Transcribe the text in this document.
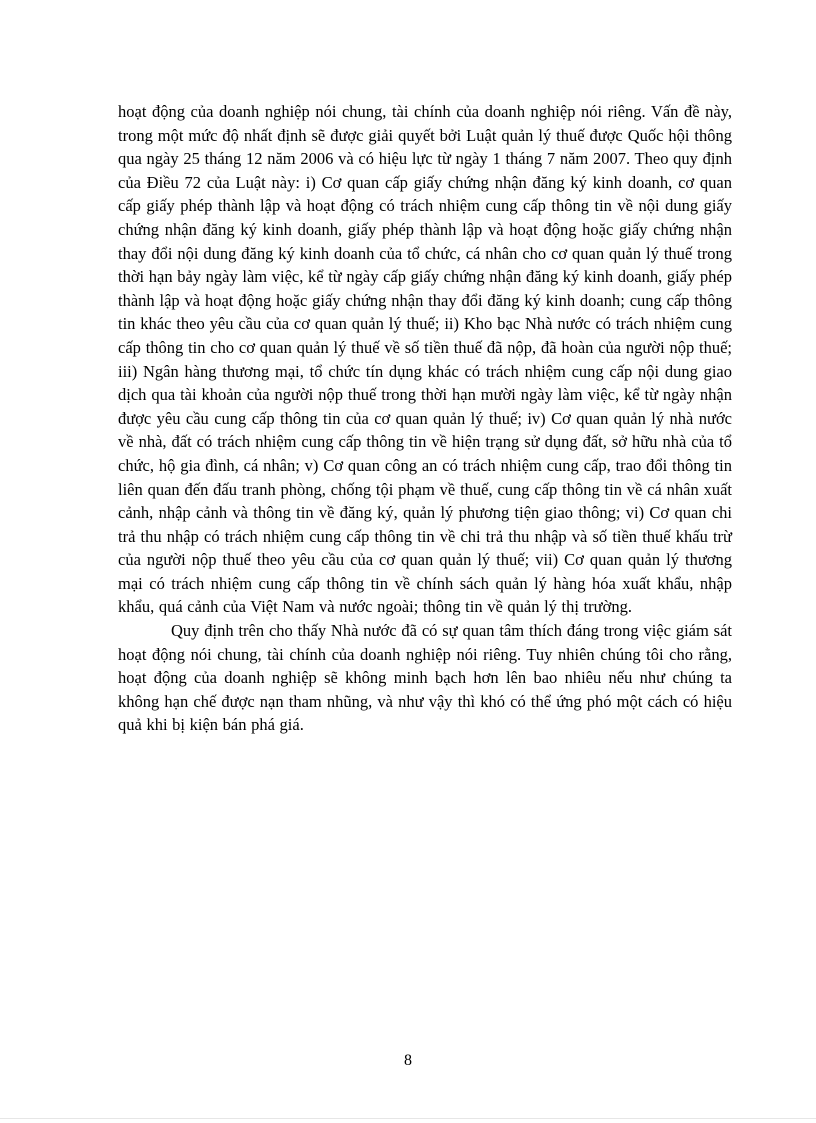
hoạt động của doanh nghiệp nói chung, tài chính của doanh nghiệp nói riêng. Vấn đề này, trong một mức độ nhất định sẽ được giải quyết bởi Luật quản lý thuế được Quốc hội thông qua ngày 25 tháng 12 năm 2006 và có hiệu lực từ ngày 1 tháng 7 năm 2007. Theo quy định của Điều 72 của Luật này: i) Cơ quan cấp giấy chứng nhận đăng ký kinh doanh, cơ quan cấp giấy phép thành lập và hoạt động có trách nhiệm cung cấp thông tin về nội dung giấy chứng nhận đăng ký kinh doanh, giấy phép thành lập và hoạt động hoặc giấy chứng nhận thay đổi nội dung đăng ký kinh doanh của tổ chức, cá nhân cho cơ quan quản lý thuế trong thời hạn bảy ngày làm việc, kể từ ngày cấp giấy chứng nhận đăng ký kinh doanh, giấy phép thành lập và hoạt động hoặc giấy chứng nhận thay đổi đăng ký kinh doanh; cung cấp thông tin khác theo yêu cầu của cơ quan quản lý thuế; ii) Kho bạc Nhà nước có trách nhiệm cung cấp thông tin cho cơ quan quản lý thuế về số tiền thuế đã nộp, đã hoàn của người nộp thuế; iii) Ngân hàng thương mại, tổ chức tín dụng khác có trách nhiệm cung cấp nội dung giao dịch qua tài khoản của người nộp thuế trong thời hạn mười ngày làm việc, kể từ ngày nhận được yêu cầu cung cấp thông tin của cơ quan quản lý thuế; iv) Cơ quan quản lý nhà nước về nhà, đất có trách nhiệm cung cấp thông tin về hiện trạng sử dụng đất, sở hữu nhà của tổ chức, hộ gia đình, cá nhân; v) Cơ quan công an có trách nhiệm cung cấp, trao đổi thông tin liên quan đến đấu tranh phòng, chống tội phạm về thuế, cung cấp thông tin về cá nhân xuất cảnh, nhập cảnh và thông tin về đăng ký, quản lý phương tiện giao thông; vi) Cơ quan chi trả thu nhập có trách nhiệm cung cấp thông tin về chi trả thu nhập và số tiền thuế khấu trừ của người nộp thuế theo yêu cầu của cơ quan quản lý thuế; vii) Cơ quan quản lý thương mại có trách nhiệm cung cấp thông tin về chính sách quản lý hàng hóa xuất khẩu, nhập khẩu, quá cảnh của Việt Nam và nước ngoài; thông tin về quản lý thị trường.

Quy định trên cho thấy Nhà nước đã có sự quan tâm thích đáng trong việc giám sát hoạt động nói chung, tài chính của doanh nghiệp nói riêng. Tuy nhiên chúng tôi cho rằng, hoạt động của doanh nghiệp sẽ không minh bạch hơn lên bao nhiêu nếu như chúng ta không hạn chế được nạn tham nhũng, và như vậy thì khó có thể ứng phó một cách có hiệu quả khi bị kiện bán phá giá.

8
